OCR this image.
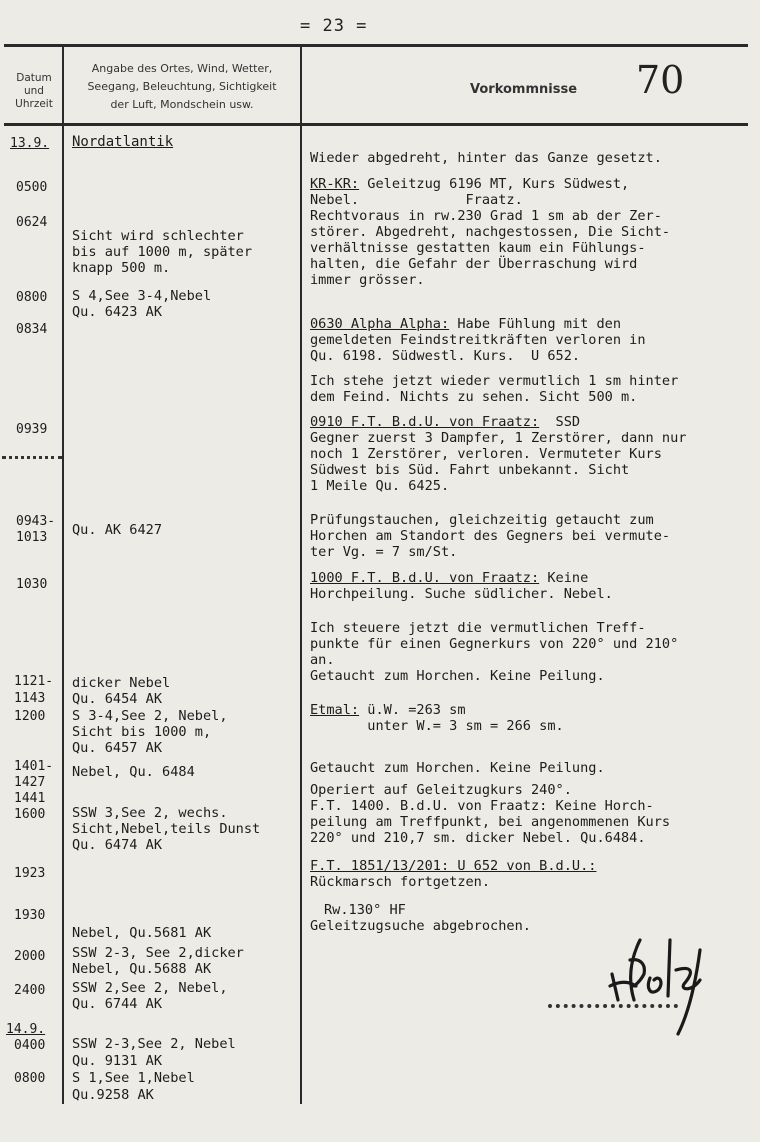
= 23 =
Datum
und
Uhrzeit
Angabe des Ortes, Wind, Wetter,
Seegang, Beleuchtung, Sichtigkeit
der Luft, Mondschein usw.
Vorkommnisse 70
13.9.
0500
0624
0800
0834
0939
0943-
1013
1030
1121-
1143
1200
1401-
1427
1441
1600
1923
1930
2000
2400
14.9.
0400
0800
Nordatlantik
Sicht wird schlechter
bis auf 1000 m, später
knapp 500 m.
S 4,See 3-4,Nebel
Qu. 6423 AK
Qu. AK 6427
dicker Nebel
Qu. 6454 AK
S 3-4,See 2, Nebel,
Sicht bis 1000 m,
Qu. 6457 AK
Nebel, Qu. 6484
SSW 3,See 2, wechs.
Sicht,Nebel,teils Dunst
Qu. 6474 AK
Nebel, Qu.5681 AK
SSW 2-3, See 2,dicker
Nebel, Qu.5688 AK
SSW 2,See 2, Nebel,
Qu. 6744 AK
SSW 2-3,See 2, Nebel
Qu. 9131 AK
S 1,See 1,Nebel
Qu.9258 AK
Wieder abgedreht, hinter das Ganze gesetzt.
KR-KR: Geleitzug 6196 MT, Kurs Südwest,
Nebel.             Fraatz.
Rechtvoraus in rw.230 Grad 1 sm ab der Zer-
störer. Abgedreht, nachgestossen, Die Sicht-
verhältnisse gestatten kaum ein Fühlungs-
halten, die Gefahr der Überraschung wird
immer grösser.
0630 Alpha Alpha: Habe Fühlung mit den
gemeldeten Feindstreitkräften verloren in
Qu. 6198. Südwestl. Kurs.  U 652.
Ich stehe jetzt wieder vermutlich 1 sm hinter
dem Feind. Nichts zu sehen. Sicht 500 m.
0910 F.T. B.d.U. von Fraatz:  SSD
Gegner zuerst 3 Dampfer, 1 Zerstörer, dann nur
noch 1 Zerstörer, verloren. Vermuteter Kurs
Südwest bis Süd. Fahrt unbekannt. Sicht
1 Meile Qu. 6425.
Prüfungstauchen, gleichzeitig getaucht zum
Horchen am Standort des Gegners bei vermute-
ter Vg. = 7 sm/St.
1000 F.T. B.d.U. von Fraatz: Keine
Horchpeilung. Suche südlicher. Nebel.
Ich steuere jetzt die vermutlichen Treff-
punkte für einen Gegnerkurs von 220° und 210°
an.
Getaucht zum Horchen. Keine Peilung.
Etmal: ü.W. =263 sm
unter W.= 3 sm = 266 sm.
Getaucht zum Horchen. Keine Peilung.
Operiert auf Geleitzugkurs 240°.
F.T. 1400. B.d.U. von Fraatz: Keine Horch-
peilung am Treffpunkt, bei angenommenen Kurs
220° und 210,7 sm. dicker Nebel. Qu.6484.
F.T. 1851/13/201: U 652 von B.d.U.:
Rückmarsch fortgetzen.
Rw.130° HF
Geleitzugsuche abgebrochen.
